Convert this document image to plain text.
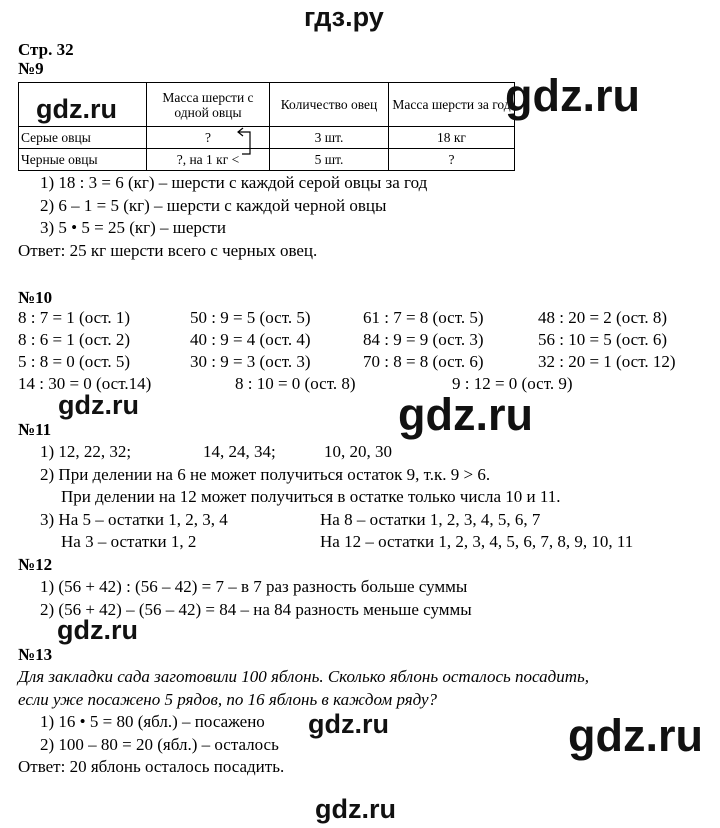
гдз.ру
Стр. 32
№9
	Масса шерсти с одной овцы	Количество овец	Масса шерсти за год
Серые овцы	?	3 шт.	18 кг
Черные овцы	?, на 1 кг <	5 шт.	?
1) 18 : 3 = 6 (кг) – шерсти с каждой серой овцы за год
2) 6 – 1 = 5 (кг) – шерсти с каждой черной овцы
3) 5 • 5 = 25 (кг) – шерсти
Ответ: 25 кг шерсти всего с черных овец.
№10
8 : 7 = 1 (ост. 1)	50 : 9 = 5 (ост. 5)	61 : 7 = 8 (ост. 5)	48 : 20 = 2 (ост. 8)
8 : 6 = 1 (ост. 2)	40 : 9 = 4 (ост. 4)	84 : 9 = 9 (ост. 3)	56 : 10 = 5 (ост. 6)
5 : 8 = 0 (ост. 5)	30 : 9 = 3 (ост. 3)	70 : 8 = 8 (ост. 6)	32 : 20 = 1 (ост. 12)
14 : 30 = 0 (ост.14)	8 : 10 = 0 (ост. 8)	9 : 12 = 0 (ост. 9)
№11
1) 12, 22, 32;	14, 24, 34;	10, 20, 30
2) При делении на 6 не может получиться остаток 9, т.к. 9 > 6.
При делении на 12 может получиться в остатке только числа 10 и 11.
3) На 5 – остатки 1, 2, 3, 4	На 8 – остатки 1, 2, 3, 4, 5, 6, 7
На 3 – остатки 1, 2	На 12 – остатки 1, 2, 3, 4, 5, 6, 7, 8, 9, 10, 11
№12
1) (56 + 42) : (56 – 42) = 7 – в 7 раз разность больше суммы
2) (56 + 42) – (56 – 42) = 84 – на 84 разность меньше суммы
№13
Для закладки сада заготовили 100 яблонь. Сколько яблонь осталось посадить,
если уже посажено 5 рядов, по 16 яблонь в каждом ряду?
1) 16 • 5 = 80 (ябл.) – посажено
2) 100 – 80 = 20 (ябл.) – осталось
Ответ: 20 яблонь осталось посадить.
gdz.ru	gdz.ru
gdz.ru	gdz.ru
gdz.ru
gdz.ru	gdz.ru
gdz.ru
